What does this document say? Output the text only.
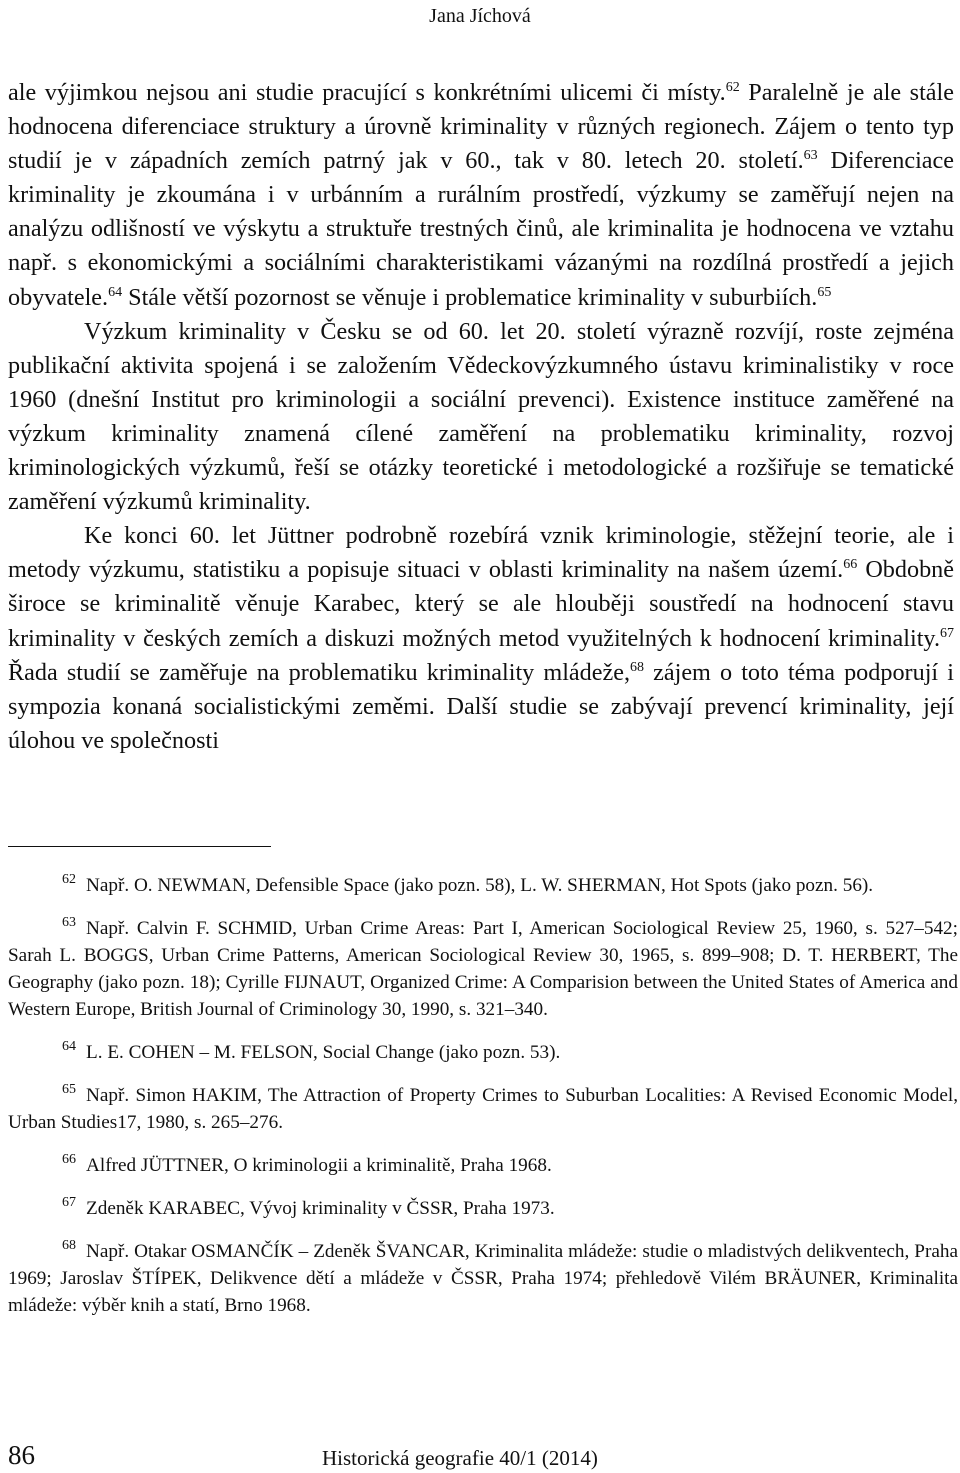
Jana Jíchová

ale výjimkou nejsou ani studie pracující s konkrétními ulicemi či místy.$^{62}$ Paralelně je ale stále hodnocena diferenciace struktury a úrovně kriminality v různých regionech. Zájem o tento typ studií je v západních zemích patrný jak v 60., tak v 80. letech 20. století.$^{63}$ Diferenciace kriminality je zkoumána i v urbánním a rurálním prostředí, výzkumy se zaměřují nejen na analýzu odlišností ve výskytu a struktuře trestných činů, ale kriminalita je hodnocena ve vztahu např. s ekonomickými a sociálními charakteristikami vázanými na rozdílná prostředí a jejich obyvatele.$^{64}$ Stále větší pozornost se věnuje i problematice kriminality v suburbiích.$^{65}$

Výzkum kriminality v Česku se od 60. let 20. století výrazně rozvíjí, roste zejména publikační aktivita spojená i se založením Vědeckovýzkumného ústavu kriminalistiky v roce 1960 (dnešní Institut pro kriminologii a sociální prevenci). Existence instituce zaměřené na výzkum kriminality znamená cílené zaměření na problematiku kriminality, rozvoj kriminologických výzkumů, řeší se otázky teoretické i metodologické a rozšiřuje se tematické zaměření výzkumů kriminality.

Ke konci 60. let Jüttner podrobně rozebírá vznik kriminologie, stěžejní teorie, ale i metody výzkumu, statistiku a popisuje situaci v oblasti kriminality na našem území.$^{66}$ Obdobně široce se kriminalitě věnuje Karabec, který se ale hlouběji soustředí na hodnocení stavu kriminality v českých zemích a diskuzi možných metod využitelných k hodnocení kriminality.$^{67}$ Řada studií se zaměřuje na problematiku kriminality mládeže,$^{68}$ zájem o toto téma podporují i sympozia konaná socialistickými zeměmi. Další studie se zabývají prevencí kriminality, její úlohou ve společnosti

$^{62}$ Např. O. NEWMAN, Defensible Space (jako pozn. 58), L. W. SHERMAN, Hot Spots (jako pozn. 56).

$^{63}$ Např. Calvin F. SCHMID, Urban Crime Areas: Part I, American Sociological Review 25, 1960, s. 527–542; Sarah L. BOGGS, Urban Crime Patterns, American Sociological Review 30, 1965, s. 899–908; D. T. HERBERT, The Geography (jako pozn. 18); Cyrille FIJNAUT, Organized Crime: A Comparision between the United States of America and Western Europe, British Journal of Criminology 30, 1990, s. 321–340.

$^{64}$ L. E. COHEN – M. FELSON, Social Change (jako pozn. 53).

$^{65}$ Např. Simon HAKIM, The Attraction of Property Crimes to Suburban Localities: A Revised Economic Model, Urban Studies17, 1980, s. 265–276.

$^{66}$ Alfred JÜTTNER, O kriminologii a kriminalitě, Praha 1968.

$^{67}$ Zdeněk KARABEC, Vývoj kriminality v ČSSR, Praha 1973.

$^{68}$ Např. Otakar OSMANČÍK – Zdeněk ŠVANCAR, Kriminalita mládeže: studie o mladistvých delikventech, Praha 1969; Jaroslav ŠTÍPEK, Delikvence dětí a mládeže v ČSSR, Praha 1974; přehledově Vilém BRÄUNER, Kriminalita mládeže: výběr knih a statí, Brno 1968.

86	Historická geografie 40/1 (2014)
